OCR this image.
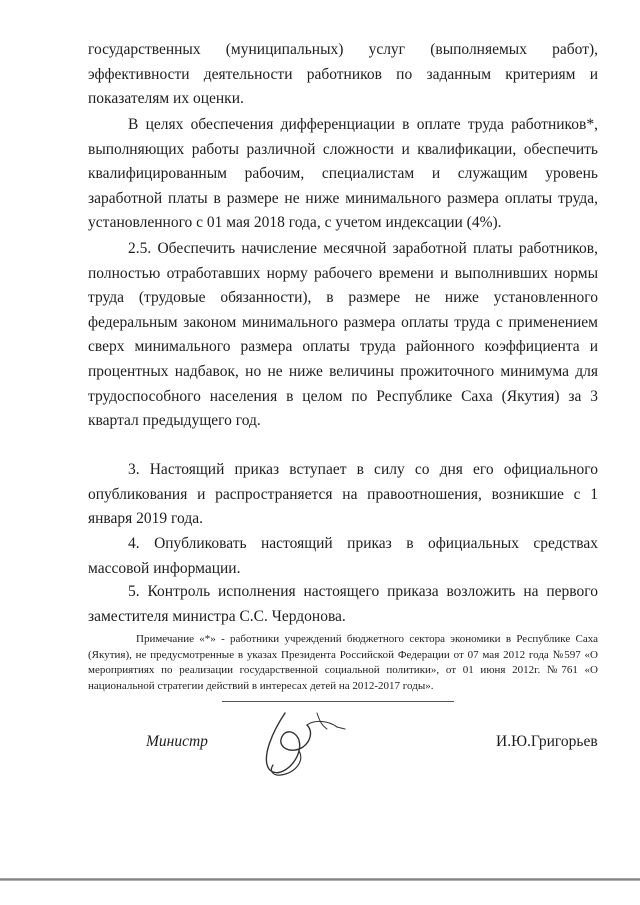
государственных (муниципальных) услуг (выполняемых работ), эффективности деятельности работников по заданным критериям и показателям их оценки.

В целях обеспечения дифференциации в оплате труда работников*, выполняющих работы различной сложности и квалификации, обеспечить квалифицированным рабочим, специалистам и служащим уровень заработной платы в размере не ниже минимального размера оплаты труда, установленного с 01 мая 2018 года, с учетом индексации (4%).

2.5. Обеспечить начисление месячной заработной платы работников, полностью отработавших норму рабочего времени и выполнивших нормы труда (трудовые обязанности), в размере не ниже установленного федеральным законом минимального размера оплаты труда с применением сверх минимального размера оплаты труда районного коэффициента и процентных надбавок, но не ниже величины прожиточного минимума для трудоспособного населения в целом по Республике Саха (Якутия) за 3 квартал предыдущего год.

3. Настоящий приказ вступает в силу со дня его официального опубликования и распространяется на правоотношения, возникшие с 1 января 2019 года.

4. Опубликовать настоящий приказ в официальных средствах массовой информации.

5. Контроль исполнения настоящего приказа возложить на первого заместителя министра С.С. Чердонова.

Примечание «*» - работники учреждений бюджетного сектора экономики в Республике Саха (Якутия), не предусмотренные в указах Президента Российской Федерации от 07 мая 2012 года №597 «О мероприятиях по реализации государственной социальной политики», от 01 июня 2012г. №761 «О национальной стратегии действий в интересах детей на 2012-2017 годы».

Министр	И.Ю.Григорьев
